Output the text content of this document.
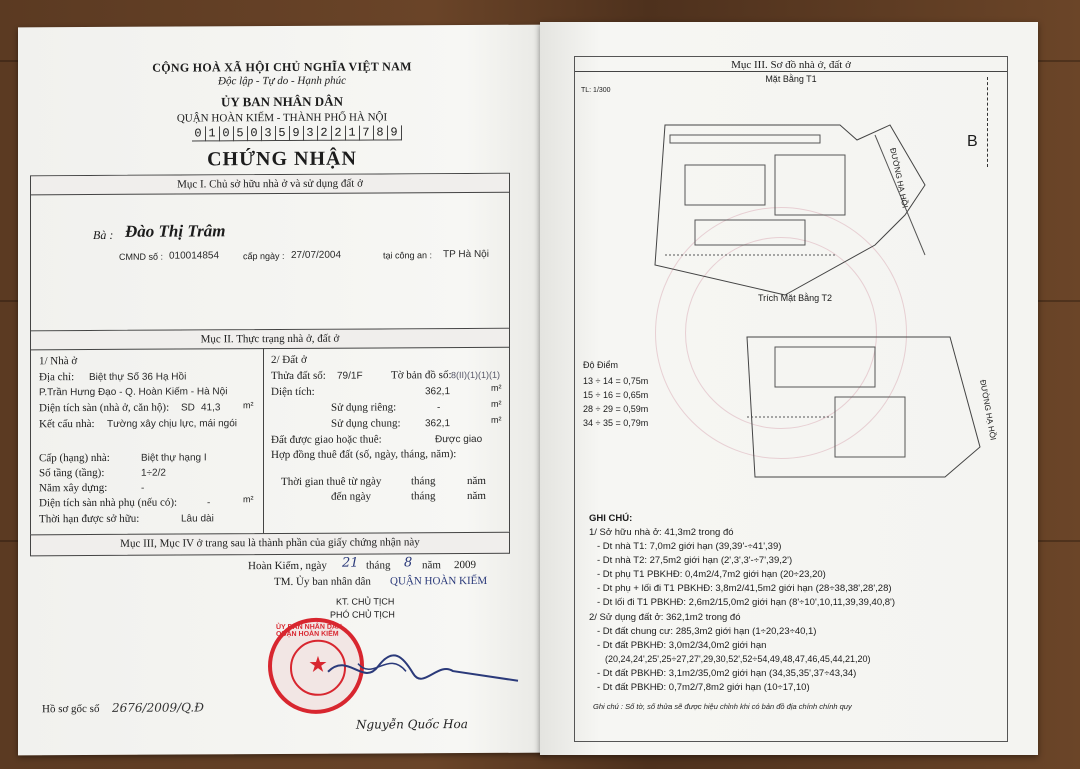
CỘNG HOÀ XÃ HỘI CHỦ NGHĨA VIỆT NAM
Độc lập - Tự do - Hạnh phúc
ỦY BAN NHÂN DÂN
QUẬN HOÀN KIẾM - THÀNH PHỐ HÀ NỘI
0 1 0 5 0 3 5 9 3 2 2 1 7 8 9
CHỨNG NHẬN
Mục I. Chủ sở hữu nhà ở và sử dụng đất ở
Bà : Đào Thị Trâm
CMND số : 010014854	cấp ngày : 27/07/2004	tại công an : TP Hà Nội
Mục II. Thực trạng nhà ở, đất ở
1/ Nhà ở
Địa chỉ: Biệt thự Số 36 Hạ Hồi
P.Trần Hưng Đạo - Q. Hoàn Kiếm - Hà Nội
Diện tích sàn (nhà ở, căn hộ): SD 41,3	m²
Kết cấu nhà: Tường xây chịu lực, mái ngói
Cấp (hạng) nhà:	Biệt thự hạng I
Số tầng (tầng):	1÷2/2
Năm xây dựng:	-
Diện tích sàn nhà phụ (nếu có):	-	m²
Thời hạn được sở hữu:	Lâu dài
2/ Đất ở
Thửa đất số: 79/1F	Tờ bản đồ số: 8(II)(1)(1)(1)
Diện tích:	362,1	m²
Sử dụng riêng:	-	m²
Sử dụng chung: 362,1	m²
Đất được giao hoặc thuê:	Được giao
Hợp đồng thuê đất (số, ngày, tháng, năm):
Thời gian thuê từ ngày	tháng	năm
đến ngày	tháng	năm
Mục III, Mục IV ở trang sau là thành phần của giấy chứng nhận này
Hoàn Kiếm , ngày 21 tháng 8 năm 2009
TM. Ủy ban nhân dân QUẬN HOÀN KIẾM
KT. CHỦ TỊCH
PHÓ CHỦ TỊCH
ỦY BAN NHÂN DÂN QUẬN HOÀN KIẾM
★
Nguyễn Quốc Hoa
Hồ sơ gốc số 2676/2009/Q.Đ
Mục III. Sơ đồ nhà ở, đất ở
Mặt Bằng T1
TL: 1/300
B
ĐƯỜNG HẠ HỒI
Trích Mặt Bằng T2
ĐƯỜNG HẠ HỒI
Độ Điểm
13 ÷ 14 = 0,75m
15 ÷ 16 = 0,65m
28 ÷ 29 = 0,59m
34 ÷ 35 = 0,79m
GHI CHÚ:
1/ Sở hữu nhà ở: 41,3m2 trong đó
- Dt nhà T1: 7,0m2 giới hạn (39,39'-÷41',39)
- Dt nhà T2: 27,5m2 giới hạn (2',3',3'-÷7',39,2')
- Dt phụ T1 PBKHĐ: 0,4m2/4,7m2 giới hạn (20÷23,20)
- Dt phụ + lối đi T1 PBKHĐ: 3,8m2/41,5m2 giới hạn (28÷38,38',28',28)
- Dt lối đi T1 PBKHĐ: 2,6m2/15,0m2 giới hạn (8'÷10',10,11,39,39,40,8')
2/ Sử dụng đất ở: 362,1m2 trong đó
- Dt đất chung cư: 285,3m2 giới hạn (1÷20,23÷40,1)
- Dt đất PBKHĐ: 3,0m2/34,0m2 giới hạn
(20,24,24',25',25÷27,27',29,30,52',52÷54,49,48,47,46,45,44,21,20)
- Dt đất PBKHĐ: 3,1m2/35,0m2 giới hạn (34,35,35',37÷43,34)
- Dt đất PBKHĐ: 0,7m2/7,8m2 giới hạn (10÷17,10)
Ghi chú : Số tờ, số thửa sẽ được hiệu chỉnh khi có bản đồ địa chính chính quy
